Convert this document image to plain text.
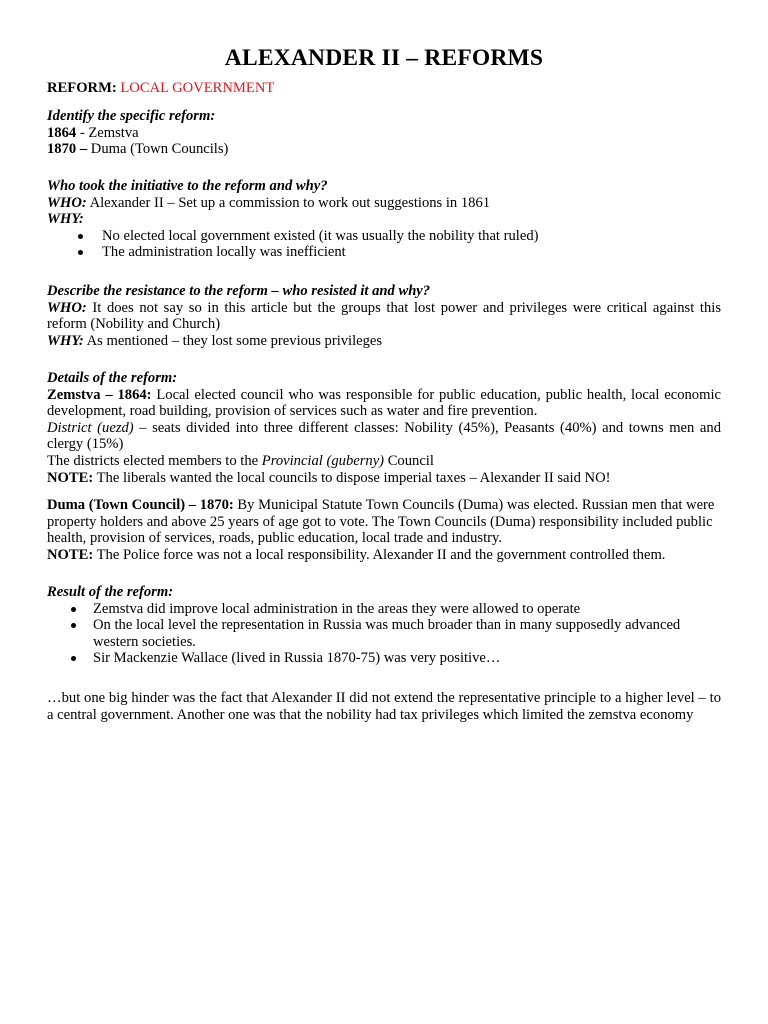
ALEXANDER II – REFORMS
REFORM: LOCAL GOVERNMENT
Identify the specific reform:
1864 - Zemstva
1870 – Duma (Town Councils)
Who took the initiative to the reform and why?
WHO: Alexander II – Set up a commission to work out suggestions in 1861
WHY:
No elected local government existed (it was usually the nobility that ruled)
The administration locally was inefficient
Describe the resistance to the reform – who resisted it and why?
WHO: It does not say so in this article but the groups that lost power and privileges were critical against this reform (Nobility and Church)
WHY: As mentioned – they lost some previous privileges
Details of the reform:
Zemstva – 1864: Local elected council who was responsible for public education, public health, local economic development, road building, provision of services such as water and fire prevention.
District (uezd) – seats divided into three different classes: Nobility (45%), Peasants (40%) and towns men and clergy (15%)
The districts elected members to the Provincial (guberny) Council
NOTE: The liberals wanted the local councils to dispose imperial taxes – Alexander II said NO!
Duma (Town Council) – 1870: By Municipal Statute Town Councils (Duma) was elected. Russian men that were property holders and above 25 years of age got to vote. The Town Councils (Duma) responsibility included public health, provision of services, roads, public education, local trade and industry.
NOTE: The Police force was not a local responsibility. Alexander II and the government controlled them.
Result of the reform:
Zemstva did improve local administration in the areas they were allowed to operate
On the local level the representation in Russia was much broader than in many supposedly advanced western societies.
Sir Mackenzie Wallace (lived in Russia 1870-75) was very positive…
…but one big hinder was the fact that Alexander II did not extend the representative principle to a higher level – to a central government. Another one was that the nobility had tax privileges which limited the zemstva economy
